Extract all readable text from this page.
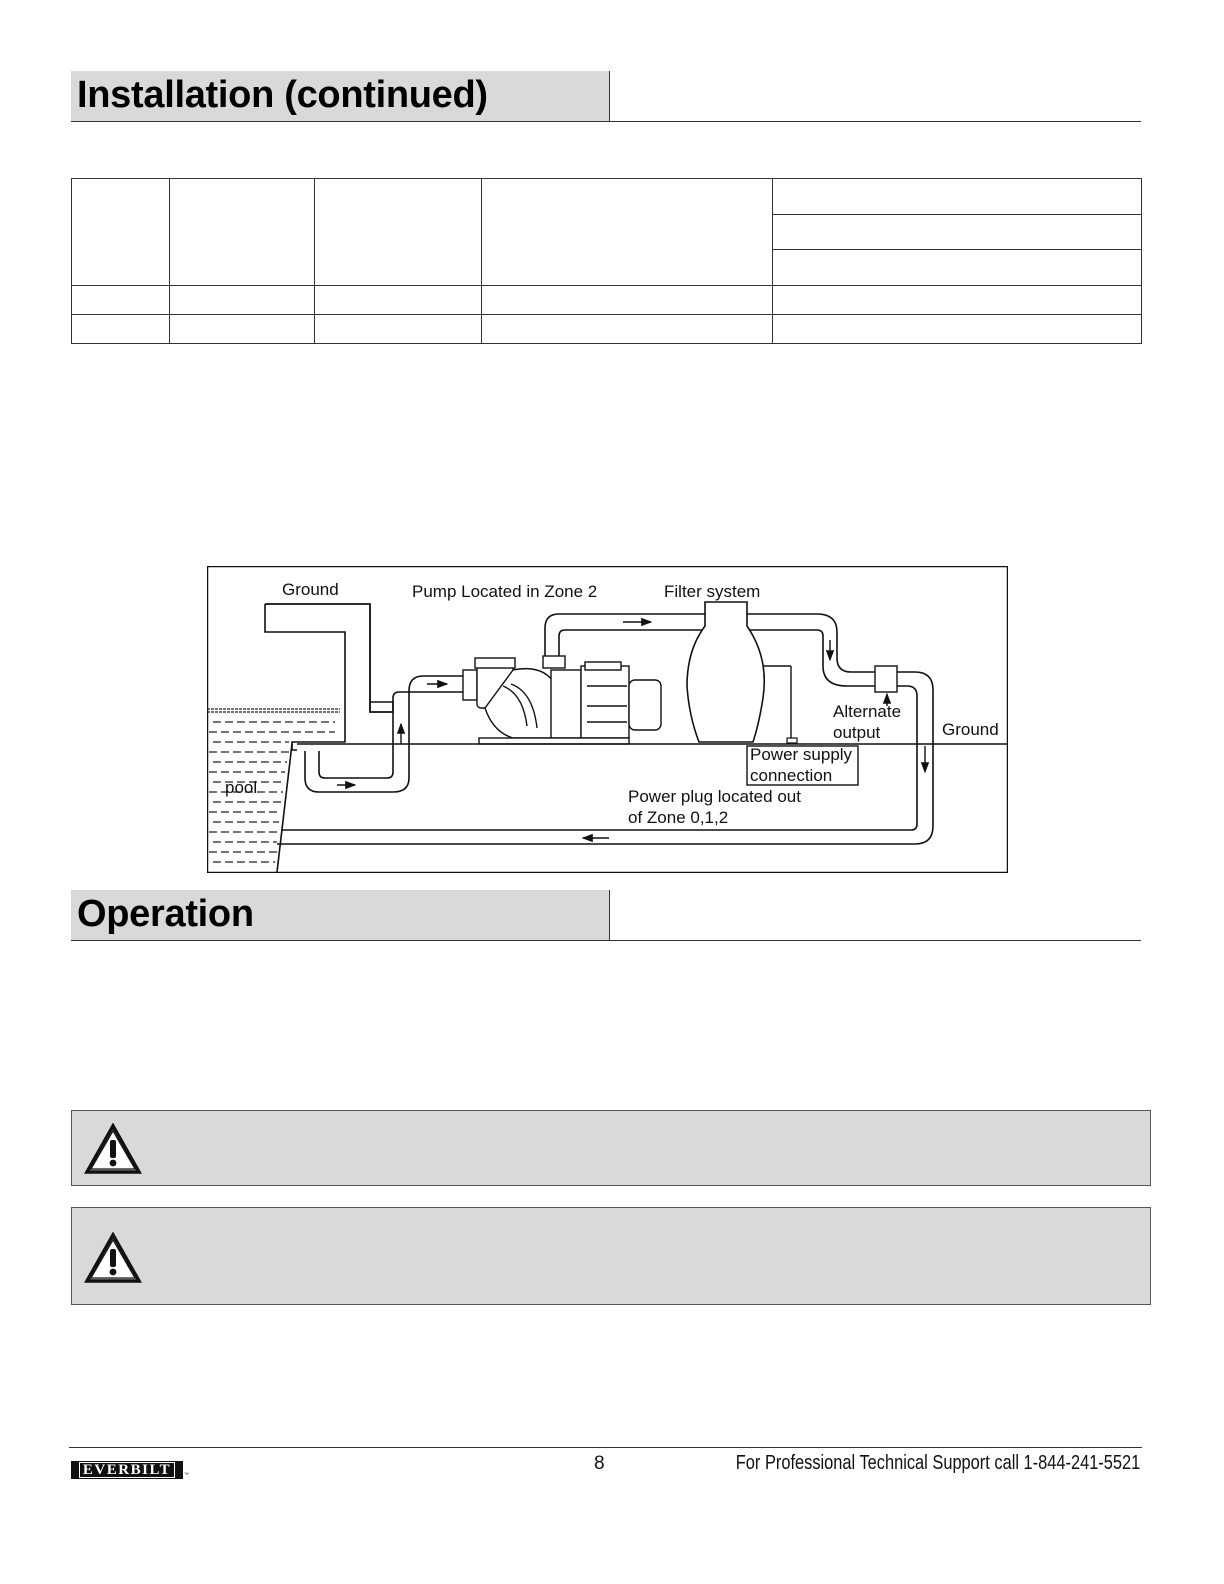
Installation (continued)

Ground	Pump Located in Zone 2	Filter system
Alternate
output	Ground
Power supply
connection
Power plug located out
of Zone 0,1,2
pool
Operation
EVERBILT	™
8	For Professional Technical Support call 1-844-241-5521
